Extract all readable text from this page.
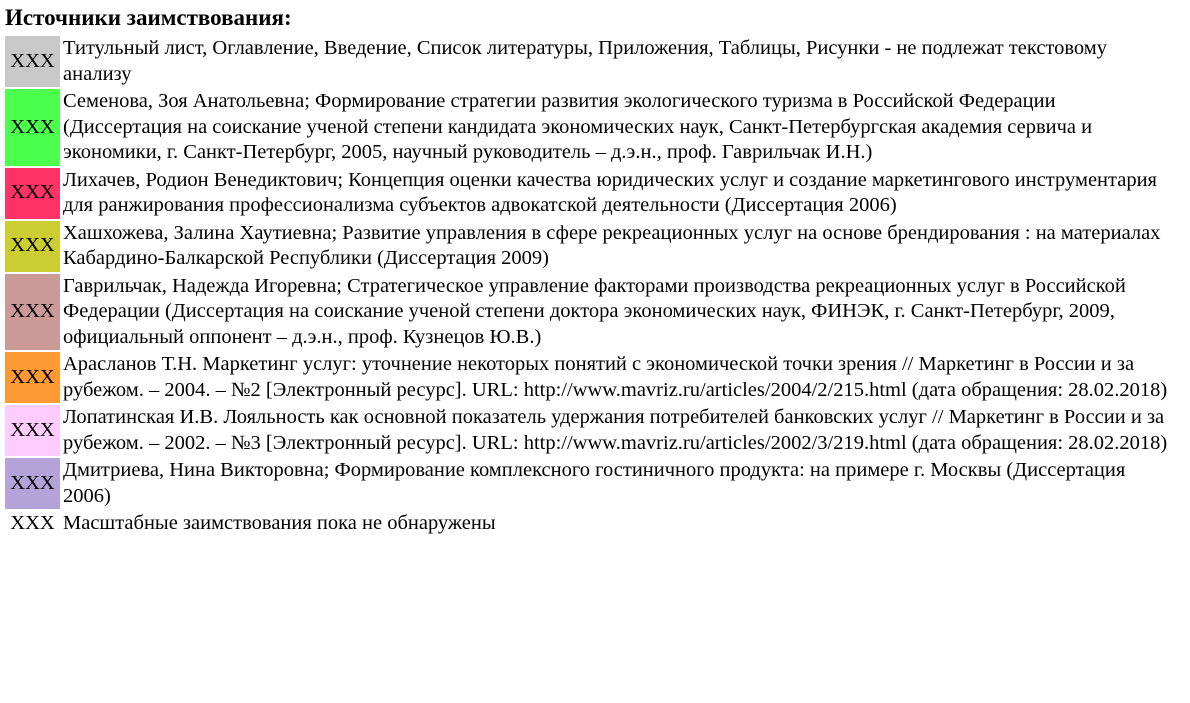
Источники заимствования:
XXX	Титульный лист, Оглавление, Введение, Список литературы, Приложения, Таблицы, Рисунки - не подлежат текстовому анализу
XXX	Семенова, Зоя Анатольевна; Формирование стратегии развития экологического туризма в Российской Федерации (Диссертация на соискание ученой степени кандидата экономических наук, Санкт-Петербургская академия сервича и экономики, г. Санкт-Петербург, 2005, научный руководитель – д.э.н., проф. Гаврильчак И.Н.)
XXX	Лихачев, Родион Венедиктович; Концепция оценки качества юридических услуг и создание маркетингового инструментария для ранжирования профессионализма субъектов адвокатской деятельности (Диссертация 2006)
XXX	Хашхожева, Залина Хаутиевна; Развитие управления в сфере рекреационных услуг на основе брендирования : на материалах Кабардино-Балкарской Республики (Диссертация 2009)
XXX	Гаврильчак, Надежда Игоревна; Стратегическое управление факторами производства рекреационных услуг в Российской Федерации (Диссертация на соискание ученой степени доктора экономических наук, ФИНЭК, г. Санкт-Петербург, 2009, официальный оппонент – д.э.н., проф. Кузнецов Ю.В.)
XXX	Арасланов Т.Н. Маркетинг услуг: уточнение некоторых понятий с экономической точки зрения // Маркетинг в России и за рубежом. – 2004. – №2 [Электронный ресурс]. URL: http://www.mavriz.ru/articles/2004/2/215.html (дата обращения: 28.02.2018)
XXX	Лопатинская И.В. Лояльность как основной показатель удержания потребителей банковских услуг // Маркетинг в России и за рубежом. – 2002. – №3 [Электронный ресурс]. URL: http://www.mavriz.ru/articles/2002/3/219.html (дата обращения: 28.02.2018)
XXX	Дмитриева, Нина Викторовна; Формирование комплексного гостиничного продукта: на примере г. Москвы (Диссертация 2006)
XXX	Масштабные заимствования пока не обнаружены
